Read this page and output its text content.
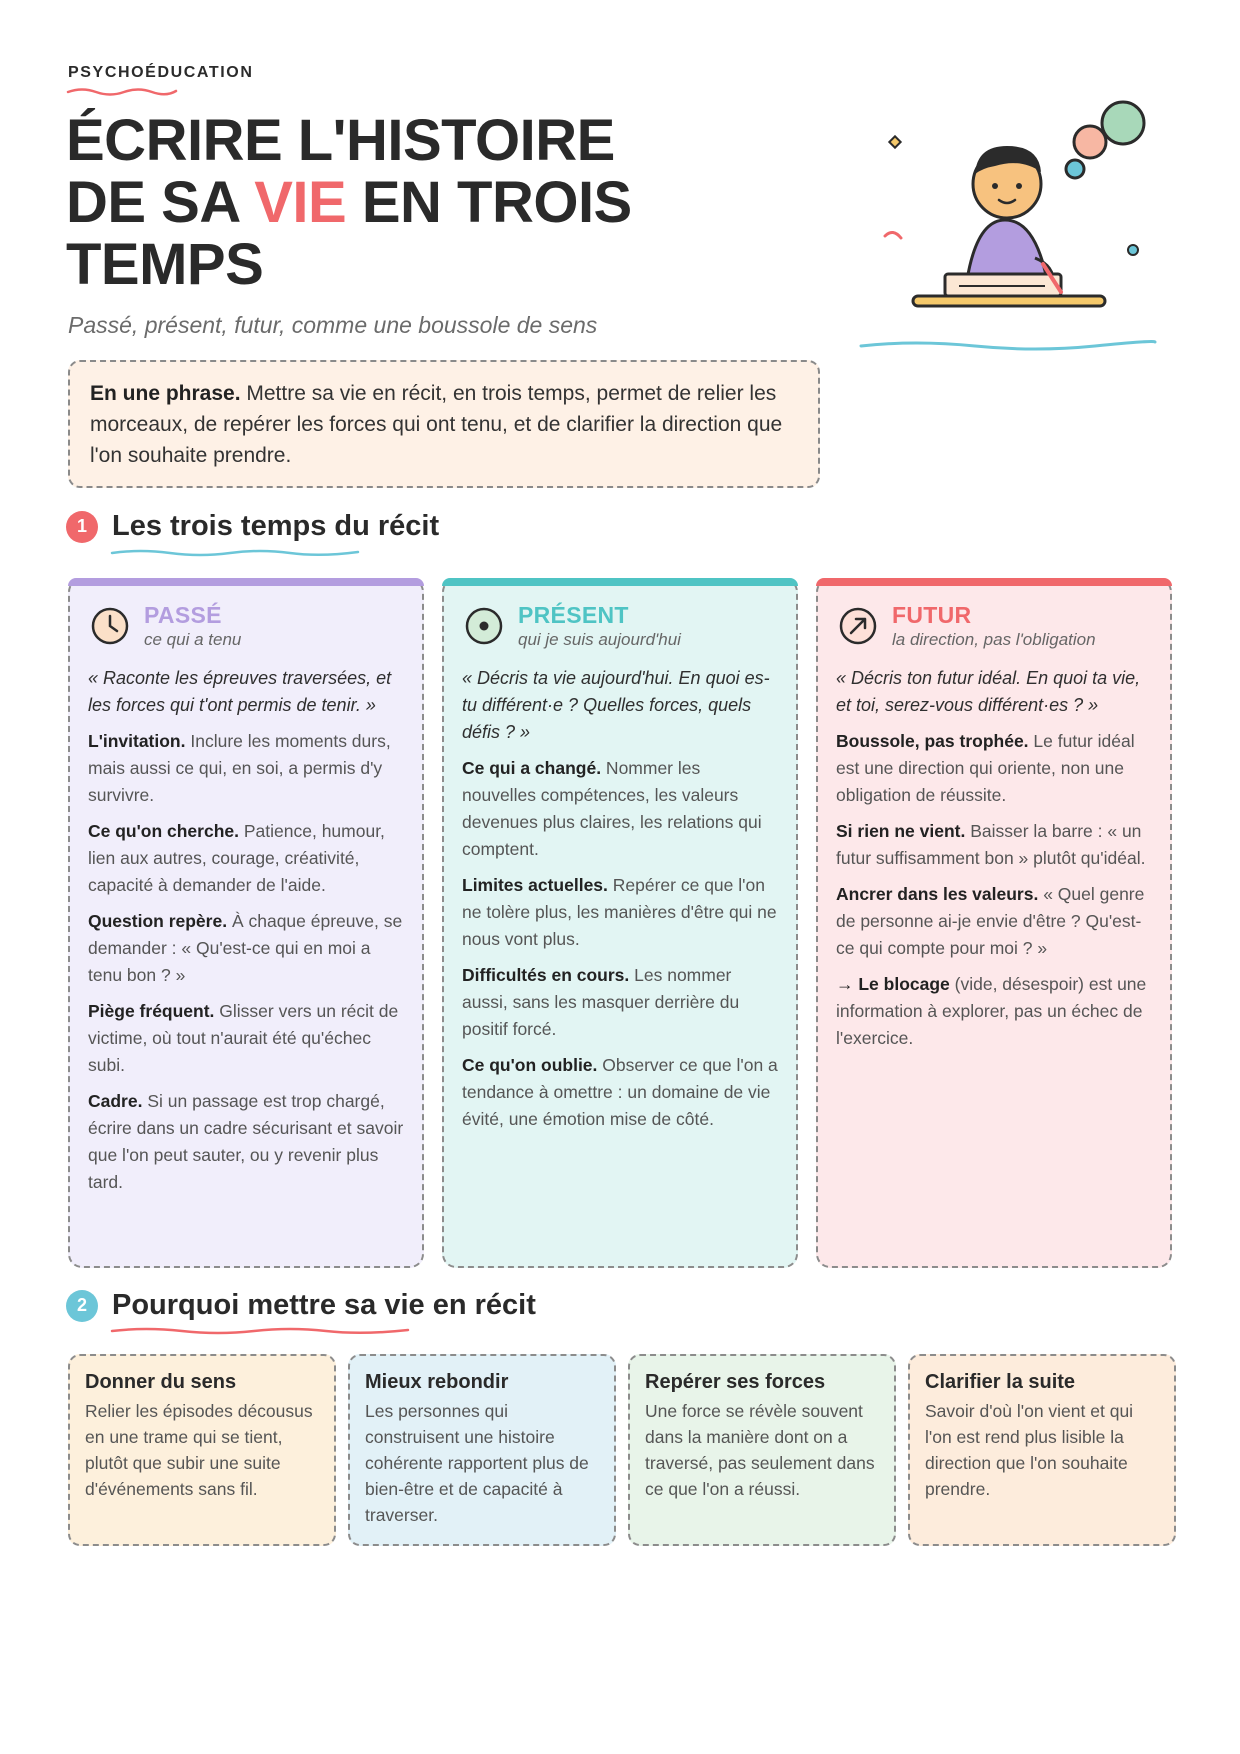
PSYCHOÉDUCATION
ÉCRIRE L'HISTOIRE
DE SA VIE EN TROIS
TEMPS
Passé, présent, futur, comme une boussole de sens
En une phrase. Mettre sa vie en récit, en trois temps, permet de relier les morceaux, de repérer les forces qui ont tenu, et de clarifier la direction que l'on souhaite prendre.
1 Les trois temps du récit
PASSÉ
ce qui a tenu
« Raconte les épreuves traversées, et les forces qui t'ont permis de tenir. »
L'invitation. Inclure les moments durs, mais aussi ce qui, en soi, a permis d'y survivre.
Ce qu'on cherche. Patience, humour, lien aux autres, courage, créativité, capacité à demander de l'aide.
Question repère. À chaque épreuve, se demander : « Qu'est-ce qui en moi a tenu bon ? »
Piège fréquent. Glisser vers un récit de victime, où tout n'aurait été qu'échec subi.
Cadre. Si un passage est trop chargé, écrire dans un cadre sécurisant et savoir que l'on peut sauter, ou y revenir plus tard.
PRÉSENT
qui je suis aujourd'hui
« Décris ta vie aujourd'hui. En quoi es-tu différent·e ? Quelles forces, quels défis ? »
Ce qui a changé. Nommer les nouvelles compétences, les valeurs devenues plus claires, les relations qui comptent.
Limites actuelles. Repérer ce que l'on ne tolère plus, les manières d'être qui ne nous vont plus.
Difficultés en cours. Les nommer aussi, sans les masquer derrière du positif forcé.
Ce qu'on oublie. Observer ce que l'on a tendance à omettre : un domaine de vie évité, une émotion mise de côté.
FUTUR
la direction, pas l'obligation
« Décris ton futur idéal. En quoi ta vie, et toi, serez-vous différent·es ? »
Boussole, pas trophée. Le futur idéal est une direction qui oriente, non une obligation de réussite.
Si rien ne vient. Baisser la barre : « un futur suffisamment bon » plutôt qu'idéal.
Ancrer dans les valeurs. « Quel genre de personne ai-je envie d'être ? Qu'est-ce qui compte pour moi ? »
→ Le blocage (vide, désespoir) est une information à explorer, pas un échec de l'exercice.
2 Pourquoi mettre sa vie en récit
Donner du sens
Relier les épisodes décousus en une trame qui se tient, plutôt que subir une suite d'événements sans fil.
Mieux rebondir
Les personnes qui construisent une histoire cohérente rapportent plus de bien-être et de capacité à traverser.
Repérer ses forces
Une force se révèle souvent dans la manière dont on a traversé, pas seulement dans ce que l'on a réussi.
Clarifier la suite
Savoir d'où l'on vient et qui l'on est rend plus lisible la direction que l'on souhaite prendre.
